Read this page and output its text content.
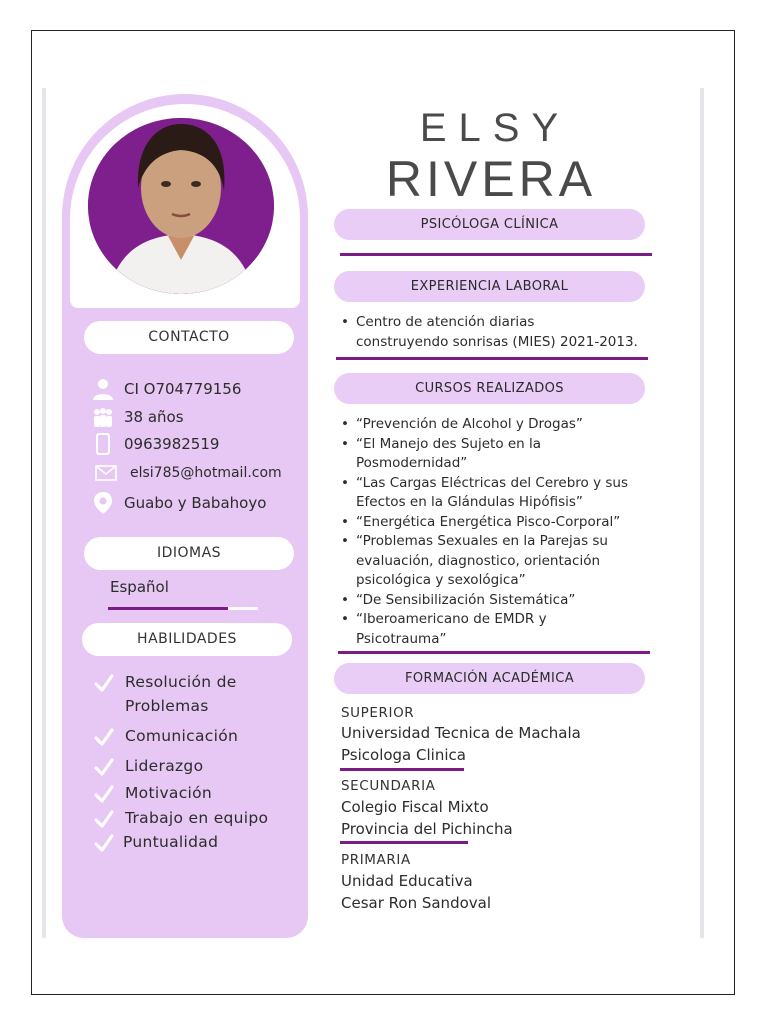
CONTACTO
CI O704779156
38 años
0963982519
elsi785@hotmail.com
Guabo y Babahoyo
IDIOMAS
Español
HABILIDADES
Resolución de
Problemas
Comunicación
Liderazgo
Motivación
Trabajo en equipo
Puntualidad
ELSY
RIVERA
PSICÓLOGA CLÍNICA
EXPERIENCIA LABORAL
• Centro de atención diarias
construyendo sonrisas (MIES) 2021-2013.
CURSOS REALIZADOS
• “Prevención de Alcohol y Drogas”
• “El Manejo des Sujeto en la
Posmodernidad”
• “Las Cargas Eléctricas del Cerebro y sus
Efectos en la Glándulas Hipófisis”
• “Energética Energética Pisco-Corporal”
• “Problemas Sexuales en la Parejas su
evaluación, diagnostico, orientación
psicológica y sexológica”
• “De Sensibilización Sistemática”
• “Iberoamericano de EMDR y
Psicotrauma”
FORMACIÓN ACADÉMICA
SUPERIOR
Universidad Tecnica de Machala
Psicologa Clinica
SECUNDARIA
Colegio Fiscal Mixto
Provincia del Pichincha
PRIMARIA
Unidad Educativa
Cesar Ron Sandoval
